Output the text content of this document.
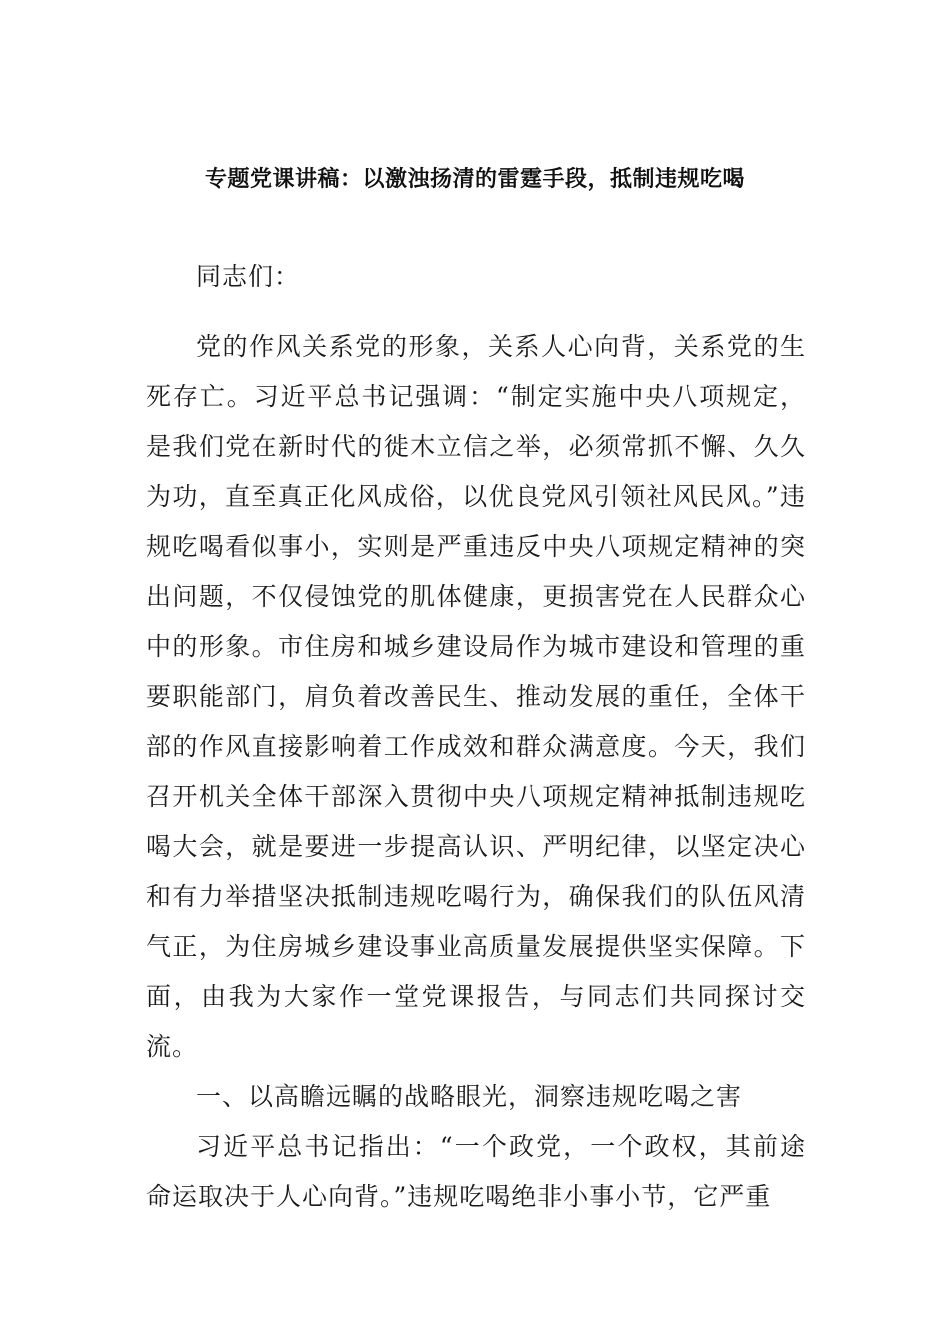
专题党课讲稿：以激浊扬清的雷霆手段，抵制违规吃喝
同志们：

党的作风关系党的形象，关系人心向背，关系党的生死存亡。习近平总书记强调：“制定实施中央八项规定，是我们党在新时代的徙木立信之举，必须常抓不懈、久久为功，直至真正化风成俗，以优良党风引领社风民风。”违规吃喝看似事小，实则是严重违反中央八项规定精神的突出问题，不仅侵蚀党的肌体健康，更损害党在人民群众心中的形象。市住房和城乡建设局作为城市建设和管理的重要职能部门，肩负着改善民生、推动发展的重任，全体干部的作风直接影响着工作成效和群众满意度。今天，我们召开机关全体干部深入贯彻中央八项规定精神抵制违规吃喝大会，就是要进一步提高认识、严明纪律，以坚定决心和有力举措坚决抵制违规吃喝行为，确保我们的队伍风清气正，为住房城乡建设事业高质量发展提供坚实保障。下面，由我为大家作一堂党课报告，与同志们共同探讨交流。

一、以高瞻远瞩的战略眼光，洞察违规吃喝之害

习近平总书记指出：“一个政党，一个政权，其前途命运取决于人心向背。”违规吃喝绝非小事小节，它严重
